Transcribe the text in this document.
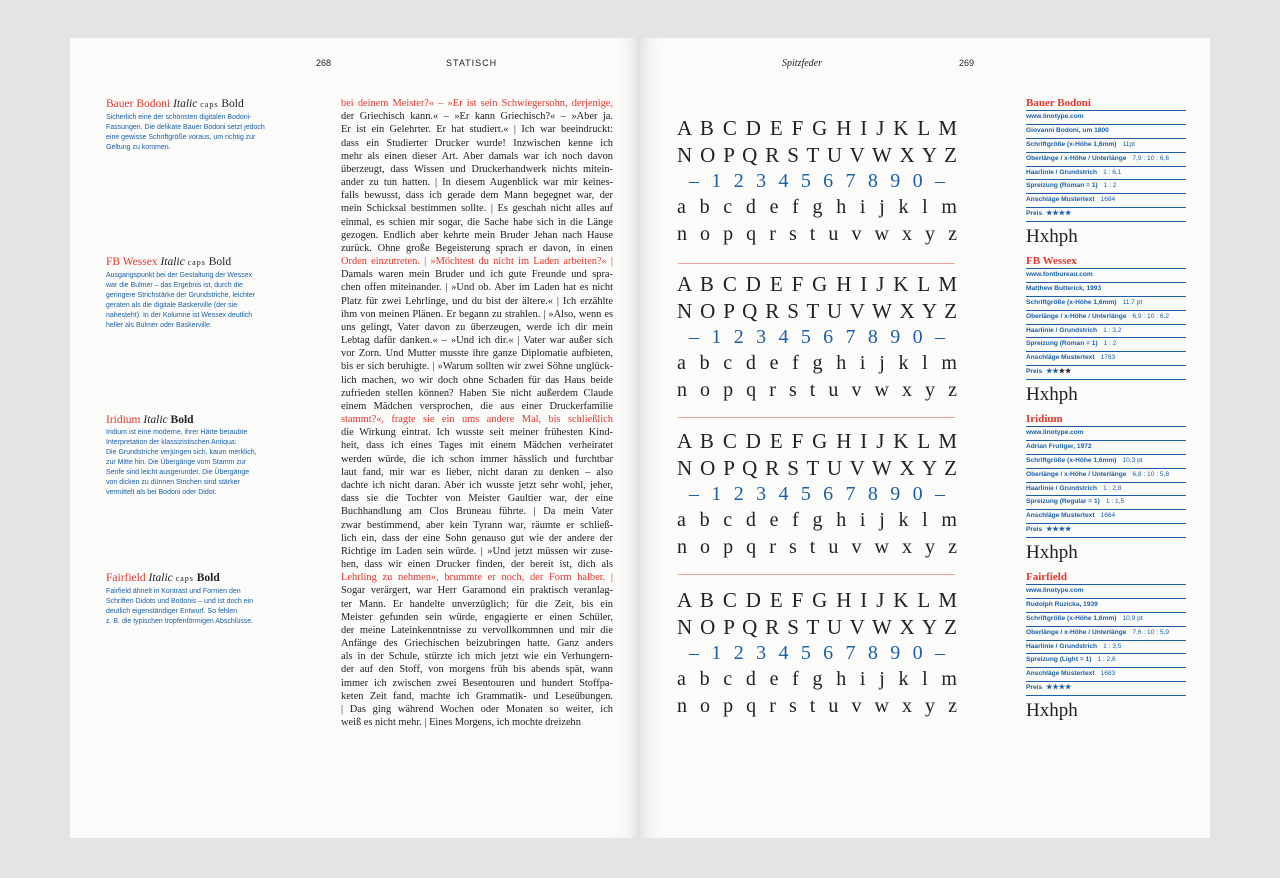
268	STATISCH	Spitzfeder	269
Bauer Bodoni Italic caps Bold
Sicherlich eine der schönsten digitalen Bodoni-
Fassungen. Die delikate Bauer Bodoni setzt jedoch
eine gewisse Schriftgröße voraus, um richtig zur
Geltung zu kommen.
FB Wessex Italic caps Bold
Ausgangspunkt bei der Gestaltung der Wessex
war die Bulmer – das Ergebnis ist, durch die
geringere Strichstärke der Grundstriche, leichter
geraten als die digitale Baskerville (der sie
nahesteht). In der Kolumne ist Wessex deutlich
heller als Bulmer oder Baskerville.
Iridium Italic Bold
Iridium ist eine moderne, ihrer Härte beraubte
Interpretation der klassizistischen Antiqua:
Die Grundstriche verjüngen sich, kaum merklich,
zur Mitte hin. Die Übergänge vom Stamm zur
Serife sind leicht ausgerundet. Die Übergänge
von dicken zu dünnen Strichen sind stärker
vermittelt als bei Bodoni oder Didot.
Fairfield Italic caps Bold
Fairfield ähnelt in Kontrast und Formen den
Schriften Didots und Bodonis – und ist doch ein
deutlich eigenständiger Entwurf. So fehlen
z. B. die typischen tropfenförmigen Abschlüsse.
bei deinem Meister?« – »Er ist sein Schwiegersohn, derjenige,
der Griechisch kann.« – »Er kann Griechisch?« – »Aber ja.
Er ist ein Gelehrter. Er hat studiert.« | Ich war beeindruckt:
dass ein Studierter Drucker wurde! Inzwischen kenne ich
mehr als einen dieser Art. Aber damals war ich noch davon
überzeugt, dass Wissen und Druckerhandwerk nichts mitein-
ander zu tun hatten. | In diesem Augenblick war mir keines-
falls bewusst, dass ich gerade dem Mann begegnet war, der
mein Schicksal bestimmen sollte. | Es geschah nicht alles auf
einmal, es schien mir sogar, die Sache habe sich in die Länge
gezogen. Endlich aber kehrte mein Bruder Jehan nach Hause
zurück. Ohne große Begeisterung sprach er davon, in einen
Orden einzutreten. | »Möchtest du nicht im Laden arbeiten?« |
Damals waren mein Bruder und ich gute Freunde und spra-
chen offen miteinander. | »Und ob. Aber im Laden hat es nicht
Platz für zwei Lehrlinge, und du bist der ältere.« | Ich erzählte
ihm von meinen Plänen. Er begann zu strahlen. | »Also, wenn es
uns gelingt, Vater davon zu überzeugen, werde ich dir mein
Lebtag dafür danken.« – »Und ich dir.« | Vater war außer sich
vor Zorn. Und Mutter musste ihre ganze Diplomatie aufbieten,
bis er sich beruhigte. | »Warum sollten wir zwei Söhne unglück-
lich machen, wo wir doch ohne Schaden für das Haus beide
zufrieden stellen können? Haben Sie nicht außerdem Claude
einem Mädchen versprochen, die aus einer Druckerfamilie
stammt?«, fragte sie ein ums andere Mal, bis schließlich
die Wirkung eintrat. Ich wusste seit meiner frühesten Kind-
heit, dass ich eines Tages mit einem Mädchen verheiratet
werden würde, die ich schon immer hässlich und furchtbar
laut fand, mir war es lieber, nicht daran zu denken – also
dachte ich nicht daran. Aber ich wusste jetzt sehr wohl, jeher,
dass sie die Tochter von Meister Gaultier war, der eine
Buchhandlung am Clos Bruneau führte. | Da mein Vater
zwar bestimmend, aber kein Tyrann war, räumte er schließ-
lich ein, dass der eine Sohn genauso gut wie der andere der
Richtige im Laden sein würde. | »Und jetzt müssen wir zuse-
hen, dass wir einen Drucker finden, der bereit ist, dich als
Lehrling zu nehmen«, brummte er noch, der Form halber. |
Sogar verärgert, war Herr Garamond ein praktisch veranlag-
ter Mann. Er handelte unverzüglich; für die Zeit, bis ein
Meister gefunden sein würde, engagierte er einen Schüler,
der meine Lateinkenntnisse zu vervollkommnen und mir die
Anfänge des Griechischen beizubringen hatte. Ganz anders
als in der Schule, stürzte ich mich jetzt wie ein Verhungern-
der auf den Stoff, von morgens früh bis abends spät, wann
immer ich zwischen zwei Besentouren und hundert Stoffpa-
keten Zeit fand, machte ich Grammatik- und Leseübungen.
| Das ging während Wochen oder Monaten so weiter, ich
weiß es nicht mehr. | Eines Morgens, ich mochte dreizehn
A B C D E F G H I J K L M
N O P Q R S T U V W X Y Z
– 1 2 3 4 5 6 7 8 9 0 –
a b c d e f g h i j k l m
n o p q r s t u v w x y z
A B C D E F G H I J K L M
N O P Q R S T U V W X Y Z
– 1 2 3 4 5 6 7 8 9 0 –
a b c d e f g h i j k l m
n o p q r s t u v w x y z
A B C D E F G H I J K L M
N O P Q R S T U V W X Y Z
– 1 2 3 4 5 6 7 8 9 0 –
a b c d e f g h i j k l m
n o p q r s t u v w x y z
A B C D E F G H I J K L M
N O P Q R S T U V W X Y Z
– 1 2 3 4 5 6 7 8 9 0 –
a b c d e f g h i j k l m
n o p q r s t u v w x y z
Bauer Bodoni
www.linotype.com
Giovanni Bodoni, um 1800
Schriftgröße (x-Höhe 1,6mm) 11pt
Oberlänge / x-Höhe / Unterlänge 7,9 : 10 : 6,6
Haarlinie / Grundstrich 1 : 6,1
Spreizung (Roman = 1) 1 : 2
Anschläge Mustertext 1684
Preis ★★★★
Hxhph
FB Wessex
www.fontbureau.com
Matthew Butterick, 1993
Schriftgröße (x-Höhe 1,6mm) 11,7 pt
Oberlänge / x-Höhe / Unterlänge 6,9 : 10 : 6,2
Haarlinie / Grundstrich 1 : 3,2
Spreizung (Roman = 1) 1 : 2
Anschläge Mustertext 1763
Preis ★★★★
Hxhph
Iridium
www.linotype.com
Adrian Frutiger, 1972
Schriftgröße (x-Höhe 1,6mm) 10,3 pt
Oberlänge / x-Höhe / Unterlänge 6,8 : 10 : 5,8
Haarlinie / Grundstrich 1 : 2,8
Spreizung (Regular = 1) 1 : 1,5
Anschläge Mustertext 1664
Preis ★★★★
Hxhph
Fairfield
www.linotype.com
Rudolph Ruzicka, 1939
Schriftgröße (x-Höhe 1,6mm) 10,9 pt
Oberlänge / x-Höhe / Unterlänge 7,6 : 10 : 5,9
Haarlinie / Grundstrich 1 : 3,5
Spreizung (Light = 1) 1 : 2,6
Anschläge Mustertext 1683
Preis ★★★★
Hxhph
